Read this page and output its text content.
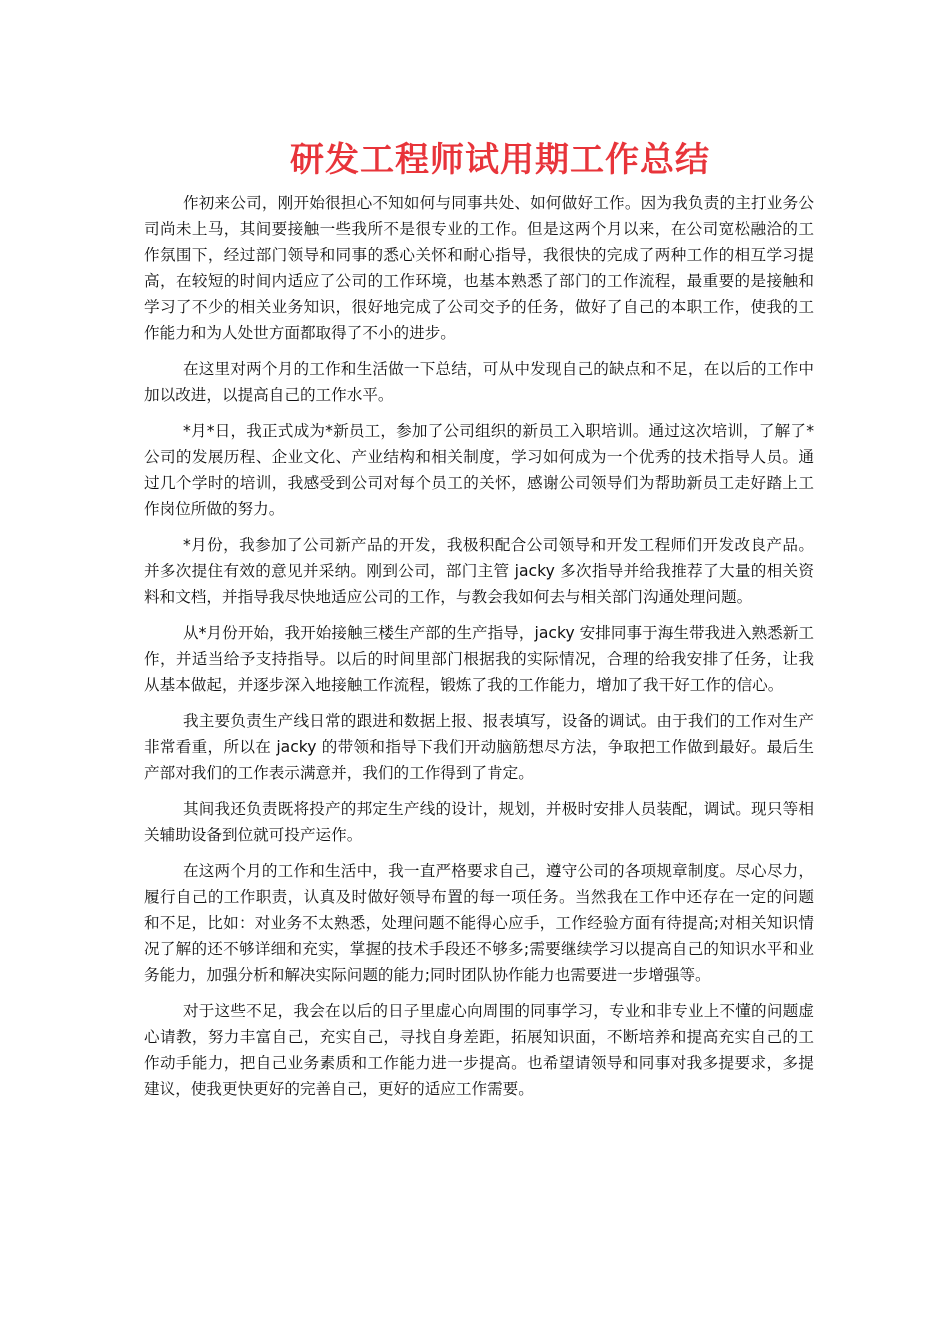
研发工程师试用期工作总结

作初来公司，刚开始很担心不知如何与同事共处、如何做好工作。因为我负责的主打业务公司尚未上马，其间要接触一些我所不是很专业的工作。但是这两个月以来，在公司宽松融洽的工作氛围下，经过部门领导和同事的悉心关怀和耐心指导，我很快的完成了两种工作的相互学习提高，在较短的时间内适应了公司的工作环境，也基本熟悉了部门的工作流程，最重要的是接触和学习了不少的相关业务知识，很好地完成了公司交予的任务，做好了自己的本职工作，使我的工作能力和为人处世方面都取得了不小的进步。

在这里对两个月的工作和生活做一下总结，可从中发现自己的缺点和不足，在以后的工作中加以改进，以提高自己的工作水平。

*月*日，我正式成为*新员工，参加了公司组织的新员工入职培训。通过这次培训，了解了*公司的发展历程、企业文化、产业结构和相关制度，学习如何成为一个优秀的技术指导人员。通过几个学时的培训，我感受到公司对每个员工的关怀，感谢公司领导们为帮助新员工走好踏上工作岗位所做的努力。

*月份，我参加了公司新产品的开发，我极积配合公司领导和开发工程师们开发改良产品。并多次提住有效的意见并采纳。刚到公司，部门主管 jacky 多次指导并给我推荐了大量的相关资料和文档，并指导我尽快地适应公司的工作，与教会我如何去与相关部门沟通处理问题。

从*月份开始，我开始接触三楼生产部的生产指导，jacky 安排同事于海生带我进入熟悉新工作，并适当给予支持指导。以后的时间里部门根据我的实际情况，合理的给我安排了任务，让我从基本做起，并逐步深入地接触工作流程，锻炼了我的工作能力，增加了我干好工作的信心。

我主要负责生产线日常的跟进和数据上报、报表填写，设备的调试。由于我们的工作对生产非常看重，所以在 jacky 的带领和指导下我们开动脑筋想尽方法，争取把工作做到最好。最后生产部对我们的工作表示满意并，我们的工作得到了肯定。

其间我还负责既将投产的邦定生产线的设计，规划，并极时安排人员装配，调试。现只等相关辅助设备到位就可投产运作。

在这两个月的工作和生活中，我一直严格要求自己，遵守公司的各项规章制度。尽心尽力，履行自己的工作职责，认真及时做好领导布置的每一项任务。当然我在工作中还存在一定的问题和不足，比如：对业务不太熟悉，处理问题不能得心应手，工作经验方面有待提高;对相关知识情况了解的还不够详细和充实，掌握的技术手段还不够多;需要继续学习以提高自己的知识水平和业务能力，加强分析和解决实际问题的能力;同时团队协作能力也需要进一步增强等。

对于这些不足，我会在以后的日子里虚心向周围的同事学习，专业和非专业上不懂的问题虚心请教，努力丰富自己，充实自己，寻找自身差距，拓展知识面，不断培养和提高充实自己的工作动手能力，把自己业务素质和工作能力进一步提高。也希望请领导和同事对我多提要求，多提建议，使我更快更好的完善自己，更好的适应工作需要。
